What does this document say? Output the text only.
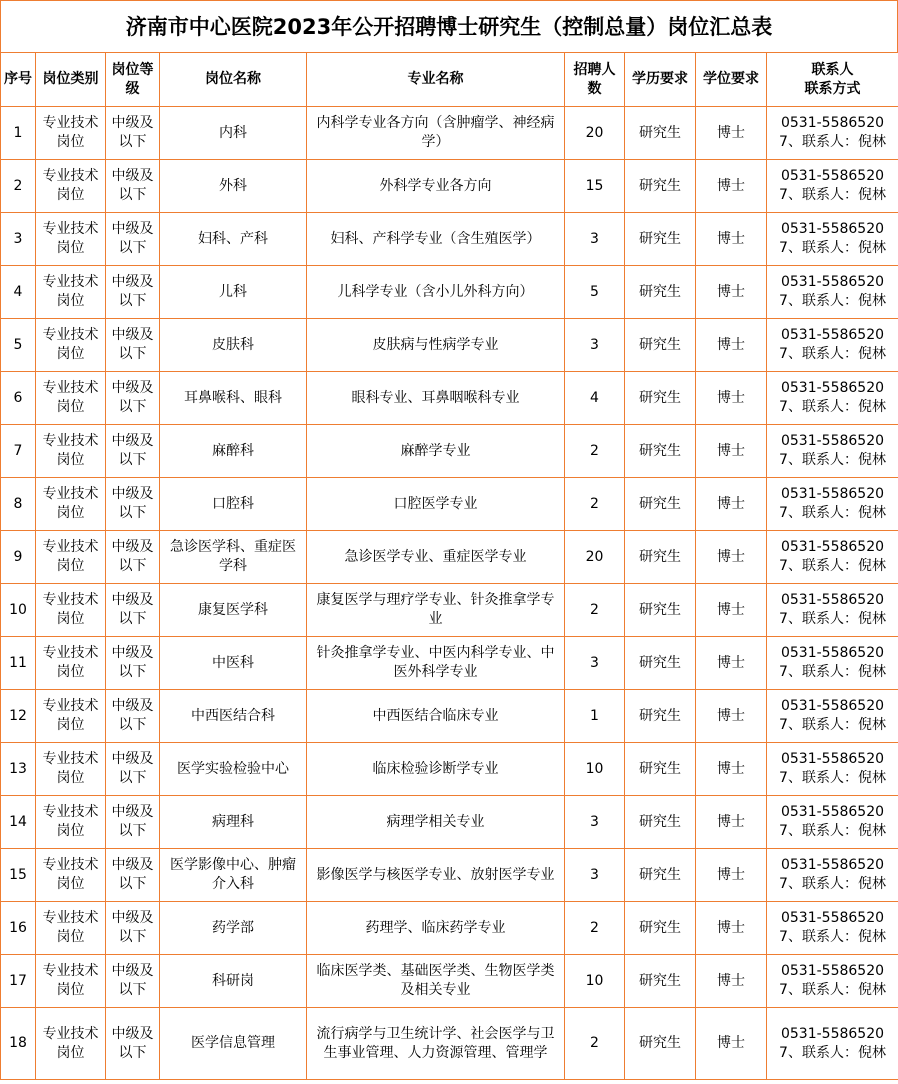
济南市中心医院2023年公开招聘博士研究生（控制总量）岗位汇总表
序号	岗位类别	岗位等级	岗位名称	专业名称	招聘人数	学历要求	学位要求	联系人
联系方式
1	专业技术岗位	中级及以下	内科	内科学专业各方向（含肿瘤学、神经病学）	20	研究生	博士	0531-55865207、联系人：倪林
2	专业技术岗位	中级及以下	外科	外科学专业各方向	15	研究生	博士	0531-55865207、联系人：倪林
3	专业技术岗位	中级及以下	妇科、产科	妇科、产科学专业（含生殖医学）	3	研究生	博士	0531-55865207、联系人：倪林
4	专业技术岗位	中级及以下	儿科	儿科学专业（含小儿外科方向）	5	研究生	博士	0531-55865207、联系人：倪林
5	专业技术岗位	中级及以下	皮肤科	皮肤病与性病学专业	3	研究生	博士	0531-55865207、联系人：倪林
6	专业技术岗位	中级及以下	耳鼻喉科、眼科	眼科专业、耳鼻咽喉科专业	4	研究生	博士	0531-55865207、联系人：倪林
7	专业技术岗位	中级及以下	麻醉科	麻醉学专业	2	研究生	博士	0531-55865207、联系人：倪林
8	专业技术岗位	中级及以下	口腔科	口腔医学专业	2	研究生	博士	0531-55865207、联系人：倪林
9	专业技术岗位	中级及以下	急诊医学科、重症医学科	急诊医学专业、重症医学专业	20	研究生	博士	0531-55865207、联系人：倪林
10	专业技术岗位	中级及以下	康复医学科	康复医学与理疗学专业、针灸推拿学专业	2	研究生	博士	0531-55865207、联系人：倪林
11	专业技术岗位	中级及以下	中医科	针灸推拿学专业、中医内科学专业、中医外科学专业	3	研究生	博士	0531-55865207、联系人：倪林
12	专业技术岗位	中级及以下	中西医结合科	中西医结合临床专业	1	研究生	博士	0531-55865207、联系人：倪林
13	专业技术岗位	中级及以下	医学实验检验中心	临床检验诊断学专业	10	研究生	博士	0531-55865207、联系人：倪林
14	专业技术岗位	中级及以下	病理科	病理学相关专业	3	研究生	博士	0531-55865207、联系人：倪林
15	专业技术岗位	中级及以下	医学影像中心、肿瘤介入科	影像医学与核医学专业、放射医学专业	3	研究生	博士	0531-55865207、联系人：倪林
16	专业技术岗位	中级及以下	药学部	药理学、临床药学专业	2	研究生	博士	0531-55865207、联系人：倪林
17	专业技术岗位	中级及以下	科研岗	临床医学类、基础医学类、生物医学类及相关专业	10	研究生	博士	0531-55865207、联系人：倪林
18	专业技术岗位	中级及以下	医学信息管理	流行病学与卫生统计学、社会医学与卫生事业管理、人力资源管理、管理学	2	研究生	博士	0531-55865207、联系人：倪林
